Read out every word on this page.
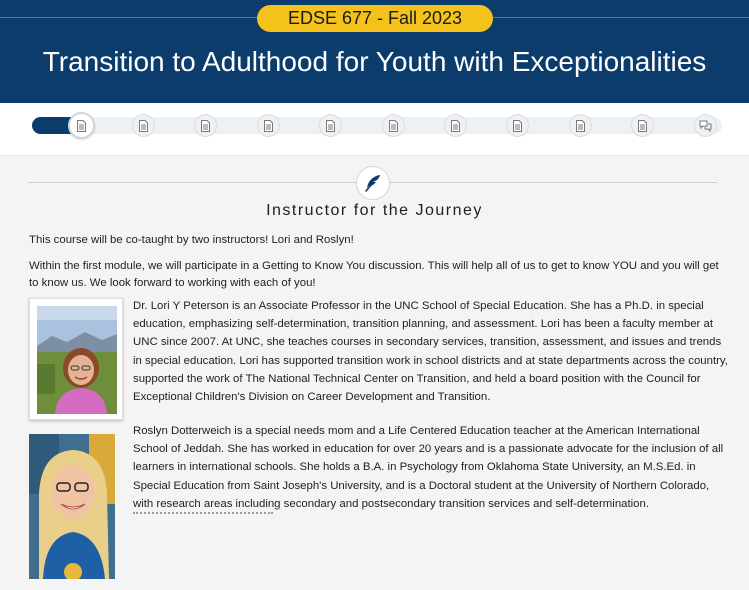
EDSE 677 - Fall 2023
Transition to Adulthood for Youth with Exceptionalities
Instructor for the Journey
This course will be co-taught by two instructors! Lori and Roslyn!
Within the first module, we will participate in a Getting to Know You discussion. This will help all of us to get to know YOU and you will get to know us. We look forward to working with each of you!
Dr. Lori Y Peterson is an Associate Professor in the UNC School of Special Education. She has a Ph.D. in special education, emphasizing self-determination, transition planning, and assessment. Lori has been a faculty member at UNC since 2007. At UNC, she teaches courses in secondary services, transition, assessment, and issues and trends in special education. Lori has supported transition work in school districts and at state departments across the country, supported the work of The National Technical Center on Transition, and held a board position with the Council for Exceptional Children's Division on Career Development and Transition.
Roslyn Dotterweich is a special needs mom and a Life Centered Education teacher at the American International School of Jeddah. She has worked in education for over 20 years and is a passionate advocate for the inclusion of all learners in international schools. She holds a B.A. in Psychology from Oklahoma State University, an M.S.Ed. in Special Education from Saint Joseph's University, and is a Doctoral student at the University of Northern Colorado, with research areas including secondary and postsecondary transition services and self-determination.
